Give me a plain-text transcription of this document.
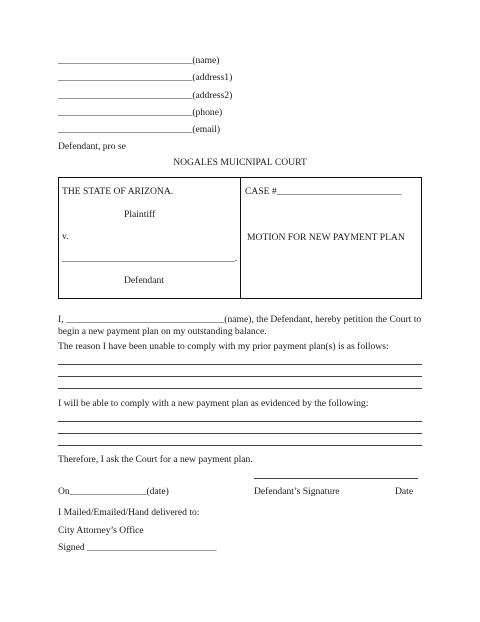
____________________________(name)
____________________________(address1)
____________________________(address2)
____________________________(phone)
____________________________(email)
Defendant, pro se
NOGALES MUICNIPAL COURT
THE STATE OF ARIZONA.
Plaintiff
v.
____________________________________.
Defendant
CASE #__________________________
MOTION FOR NEW PAYMENT PLAN
I, _________________________________(name), the Defendant, hereby petition the Court to begin a new payment plan on my outstanding balance.
The reason I have been unable to comply with my prior payment plan(s) is as follows:
I will be able to comply with a new payment plan as evidenced by the following:
Therefore, I ask the Court for a new payment plan.
On________________(date)	Defendant’s Signature	Date
I Mailed/Emailed/Hand delivered to:
City Attorney’s Office
Signed ___________________________
